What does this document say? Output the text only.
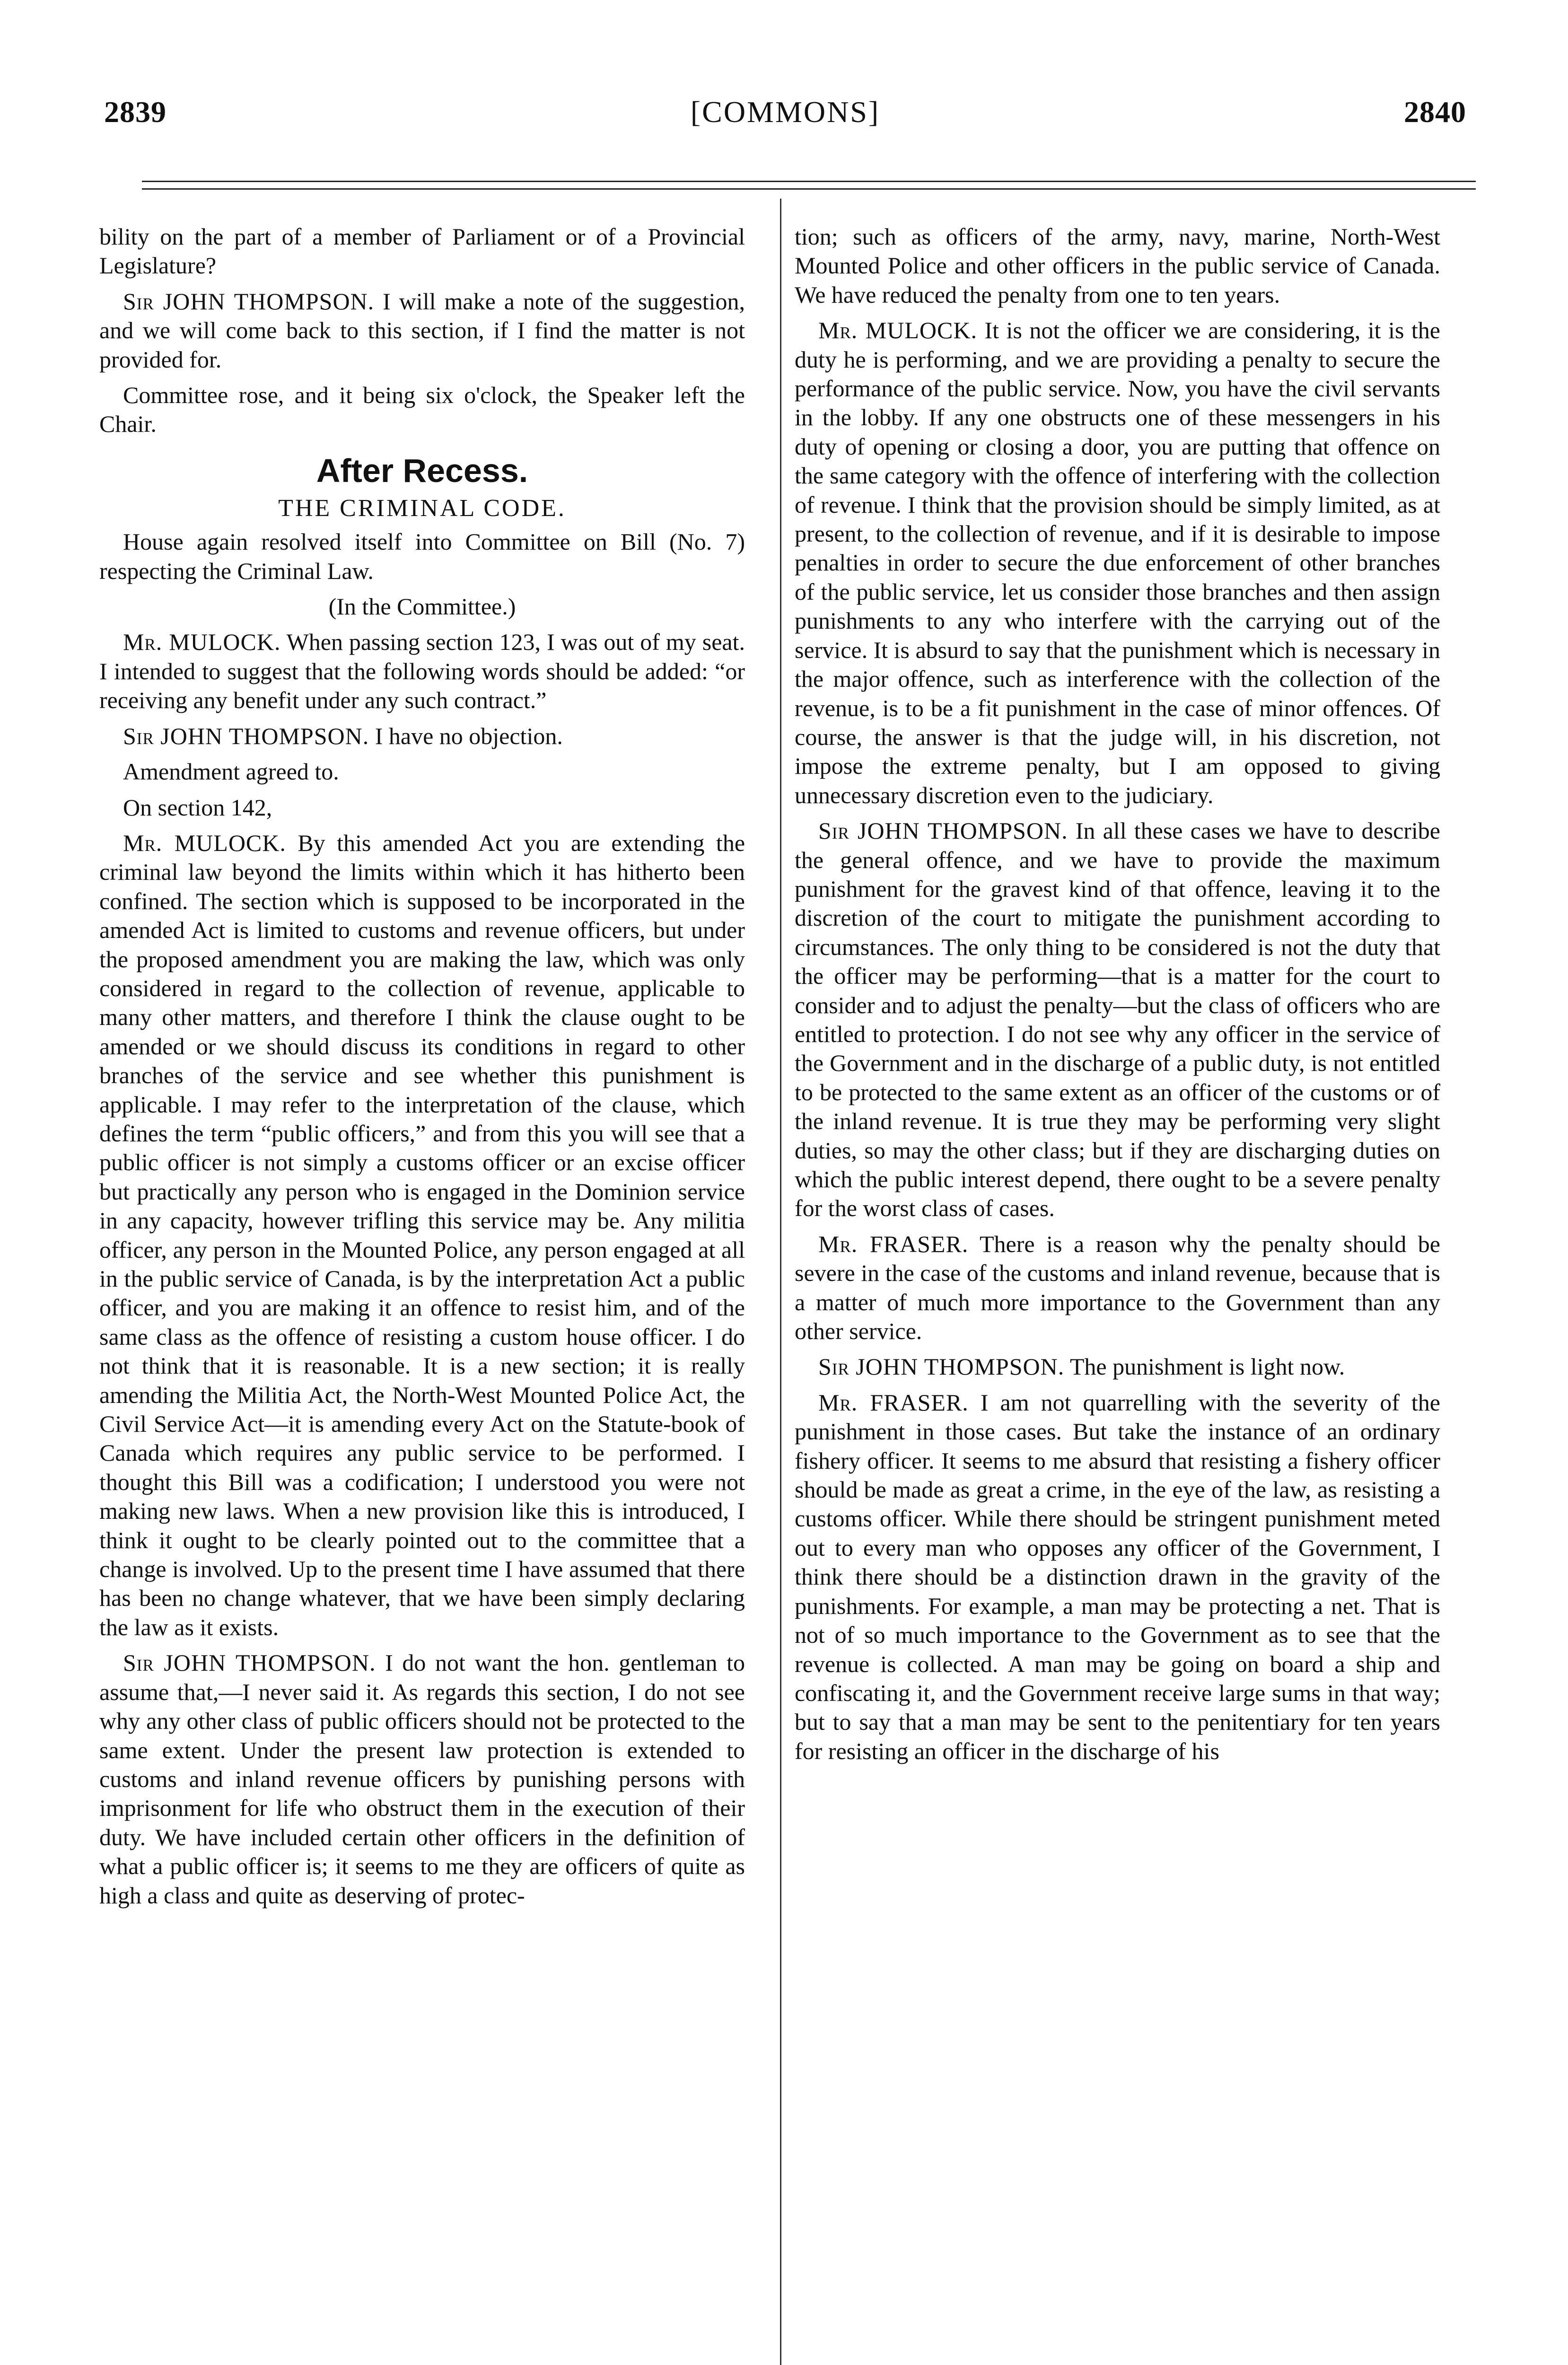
2839	[COMMONS]	2840

bility on the part of a member of Parliament or of a Provincial Legislature?

Sir JOHN THOMPSON. I will make a note of the suggestion, and we will come back to this section, if I find the matter is not provided for.

Committee rose, and it being six o'clock, the Speaker left the Chair.

After Recess.
THE CRIMINAL CODE.

House again resolved itself into Committee on Bill (No. 7) respecting the Criminal Law.

(In the Committee.)

Mr. MULOCK. When passing section 123, I was out of my seat. I intended to suggest that the following words should be added: “or receiving any benefit under any such contract.”

Sir JOHN THOMPSON. I have no objection.

Amendment agreed to.

On section 142,

Mr. MULOCK. By this amended Act you are extending the criminal law beyond the limits within which it has hitherto been confined. The section which is supposed to be incorporated in the amended Act is limited to customs and revenue officers, but under the proposed amendment you are making the law, which was only considered in regard to the collection of revenue, applicable to many other matters, and therefore I think the clause ought to be amended or we should discuss its conditions in regard to other branches of the service and see whether this punishment is applicable. I may refer to the interpretation of the clause, which defines the term “public officers,” and from this you will see that a public officer is not simply a customs officer or an excise officer but practically any person who is engaged in the Dominion service in any capacity, however trifling this service may be. Any militia officer, any person in the Mounted Police, any person engaged at all in the public service of Canada, is by the interpretation Act a public officer, and you are making it an offence to resist him, and of the same class as the offence of resisting a custom house officer. I do not think that it is reasonable. It is a new section; it is really amending the Militia Act, the North-West Mounted Police Act, the Civil Service Act—it is amending every Act on the Statute-book of Canada which requires any public service to be performed. I thought this Bill was a codification; I understood you were not making new laws. When a new provision like this is introduced, I think it ought to be clearly pointed out to the committee that a change is involved. Up to the present time I have assumed that there has been no change whatever, that we have been simply declaring the law as it exists.

Sir JOHN THOMPSON. I do not want the hon. gentleman to assume that,—I never said it. As regards this section, I do not see why any other class of public officers should not be protected to the same extent. Under the present law protection is extended to customs and inland revenue officers by punishing persons with imprisonment for life who obstruct them in the execution of their duty. We have included certain other officers in the definition of what a public officer is; it seems to me they are officers of quite as high a class and quite as deserving of protec-

tion; such as officers of the army, navy, marine, North-West Mounted Police and other officers in the public service of Canada. We have reduced the penalty from one to ten years.

Mr. MULOCK. It is not the officer we are considering, it is the duty he is performing, and we are providing a penalty to secure the performance of the public service. Now, you have the civil servants in the lobby. If any one obstructs one of these messengers in his duty of opening or closing a door, you are putting that offence on the same category with the offence of interfering with the collection of revenue. I think that the provision should be simply limited, as at present, to the collection of revenue, and if it is desirable to impose penalties in order to secure the due enforcement of other branches of the public service, let us consider those branches and then assign punishments to any who interfere with the carrying out of the service. It is absurd to say that the punishment which is necessary in the major offence, such as interference with the collection of the revenue, is to be a fit punishment in the case of minor offences. Of course, the answer is that the judge will, in his discretion, not impose the extreme penalty, but I am opposed to giving unnecessary discretion even to the judiciary.

Sir JOHN THOMPSON. In all these cases we have to describe the general offence, and we have to provide the maximum punishment for the gravest kind of that offence, leaving it to the discretion of the court to mitigate the punishment according to circumstances. The only thing to be considered is not the duty that the officer may be performing—that is a matter for the court to consider and to adjust the penalty—but the class of officers who are entitled to protection. I do not see why any officer in the service of the Government and in the discharge of a public duty, is not entitled to be protected to the same extent as an officer of the customs or of the inland revenue. It is true they may be performing very slight duties, so may the other class; but if they are discharging duties on which the public interest depend, there ought to be a severe penalty for the worst class of cases.

Mr. FRASER. There is a reason why the penalty should be severe in the case of the customs and inland revenue, because that is a matter of much more importance to the Government than any other service.

Sir JOHN THOMPSON. The punishment is light now.

Mr. FRASER. I am not quarrelling with the severity of the punishment in those cases. But take the instance of an ordinary fishery officer. It seems to me absurd that resisting a fishery officer should be made as great a crime, in the eye of the law, as resisting a customs officer. While there should be stringent punishment meted out to every man who opposes any officer of the Government, I think there should be a distinction drawn in the gravity of the punishments. For example, a man may be protecting a net. That is not of so much importance to the Government as to see that the revenue is collected. A man may be going on board a ship and confiscating it, and the Government receive large sums in that way; but to say that a man may be sent to the penitentiary for ten years for resisting an officer in the discharge of his
